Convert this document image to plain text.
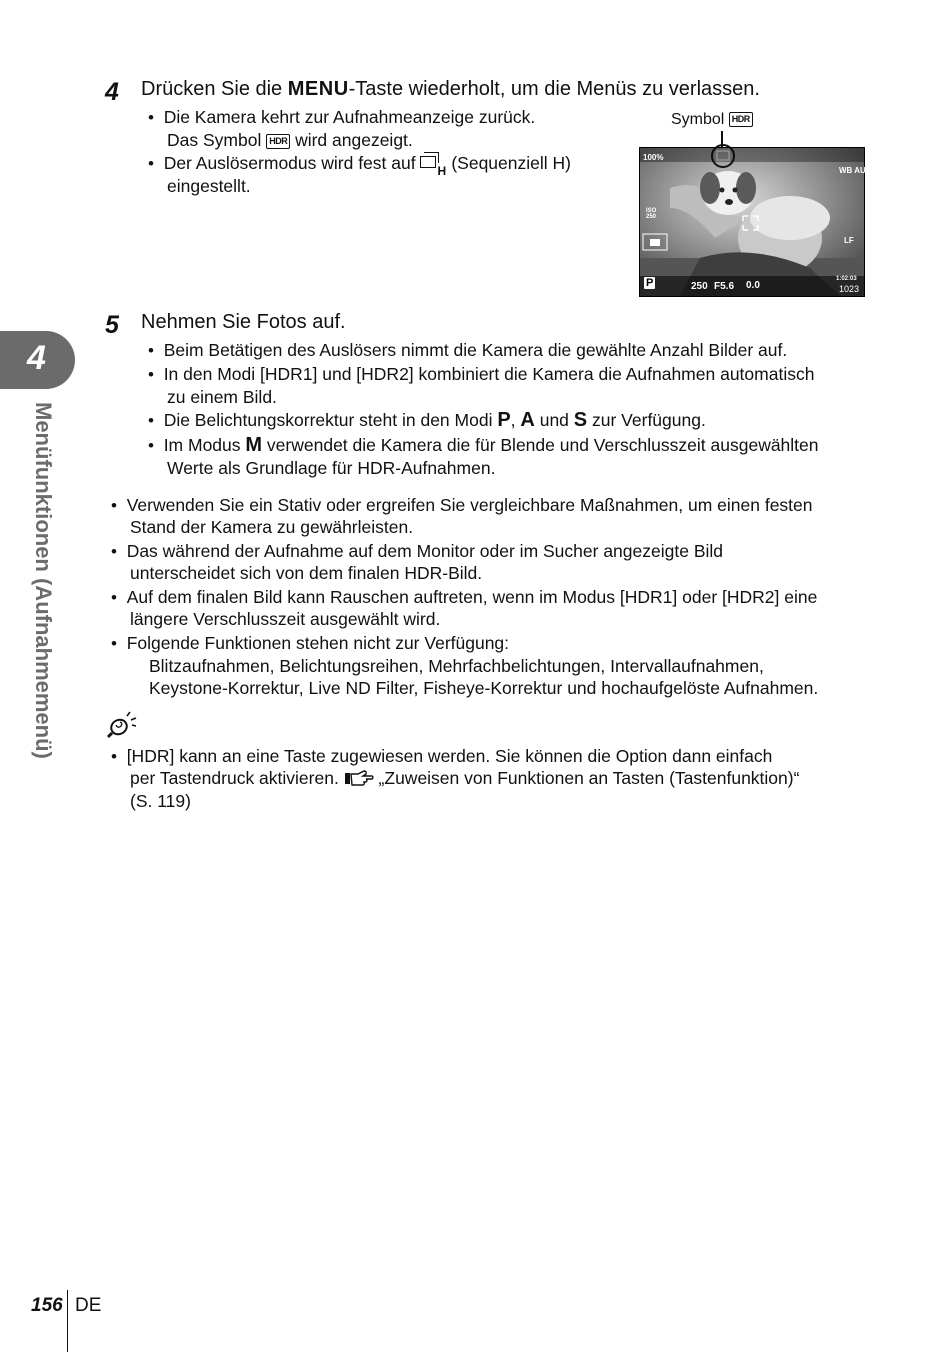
4
Menüfunktionen (Aufnahmemenü)
4 Drücken Sie die MENU-Taste wiederholt, um die Menüs zu verlassen.
• Die Kamera kehrt zur Aufnahmeanzeige zurück.
Das Symbol HDR wird angezeigt.
• Der Auslösermodus wird fest auf H (Sequenziell H)
eingestellt.
Symbol HDR
100%
WB AUTO
ISO
250
LF
P	250 F5.6 0.0
1:02:03
1023
5 Nehmen Sie Fotos auf.
• Beim Betätigen des Auslösers nimmt die Kamera die gewählte Anzahl Bilder auf.
• In den Modi [HDR1] und [HDR2] kombiniert die Kamera die Aufnahmen automatisch
zu einem Bild.
• Die Belichtungskorrektur steht in den Modi P, A und S zur Verfügung.
• Im Modus M verwendet die Kamera die für Blende und Verschlusszeit ausgewählten
Werte als Grundlage für HDR-Aufnahmen.
• Verwenden Sie ein Stativ oder ergreifen Sie vergleichbare Maßnahmen, um einen festen
Stand der Kamera zu gewährleisten.
• Das während der Aufnahme auf dem Monitor oder im Sucher angezeigte Bild
unterscheidet sich von dem finalen HDR-Bild.
• Auf dem finalen Bild kann Rauschen auftreten, wenn im Modus [HDR1] oder [HDR2] eine
längere Verschlusszeit ausgewählt wird.
• Folgende Funktionen stehen nicht zur Verfügung:
Blitzaufnahmen, Belichtungsreihen, Mehrfachbelichtungen, Intervallaufnahmen,
Keystone-Korrektur, Live ND Filter, Fisheye-Korrektur und hochaufgelöste Aufnahmen.
• [HDR] kann an eine Taste zugewiesen werden. Sie können die Option dann einfach
per Tastendruck aktivieren.  „Zuweisen von Funktionen an Tasten (Tastenfunktion)“
(S. 119)
156 DE
